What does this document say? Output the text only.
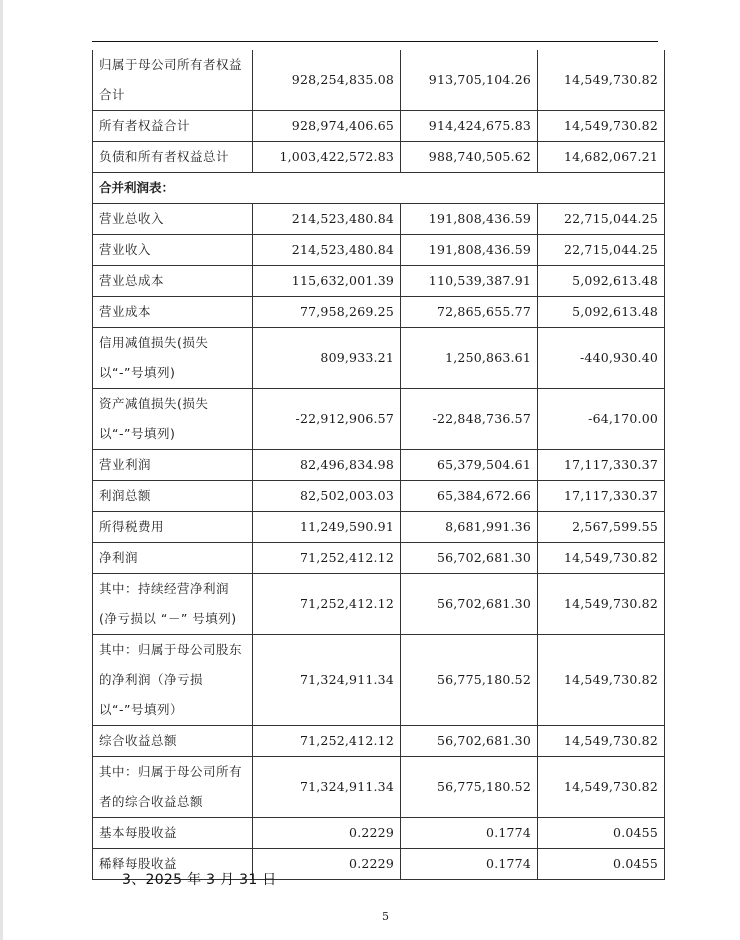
归属于母公司所有者权益合计	928,254,835.08	913,705,104.26	14,549,730.82
所有者权益合计	928,974,406.65	914,424,675.83	14,549,730.82
负债和所有者权益总计	1,003,422,572.83	988,740,505.62	14,682,067.21
合并利润表：			
营业总收入	214,523,480.84	191,808,436.59	22,715,044.25
营业收入	214,523,480.84	191,808,436.59	22,715,044.25
营业总成本	115,632,001.39	110,539,387.91	5,092,613.48
营业成本	77,958,269.25	72,865,655.77	5,092,613.48
信用减值损失(损失以“-”号填列)	809,933.21	1,250,863.61	-440,930.40
资产减值损失(损失以“-”号填列)	-22,912,906.57	-22,848,736.57	-64,170.00
营业利润	82,496,834.98	65,379,504.61	17,117,330.37
利润总额	82,502,003.03	65,384,672.66	17,117,330.37
所得税费用	11,249,590.91	8,681,991.36	2,567,599.55
净利润	71,252,412.12	56,702,681.30	14,549,730.82
其中：持续经营净利润(净亏损以 “－” 号填列)	71,252,412.12	56,702,681.30	14,549,730.82
其中：归属于母公司股东的净利润（净亏损以“-”号填列）	71,324,911.34	56,775,180.52	14,549,730.82
综合收益总额	71,252,412.12	56,702,681.30	14,549,730.82
其中：归属于母公司所有者的综合收益总额	71,324,911.34	56,775,180.52	14,549,730.82
基本每股收益	0.2229	0.1774	0.0455
稀释每股收益	0.2229	0.1774	0.0455
3、2025 年 3 月 31 日
5
